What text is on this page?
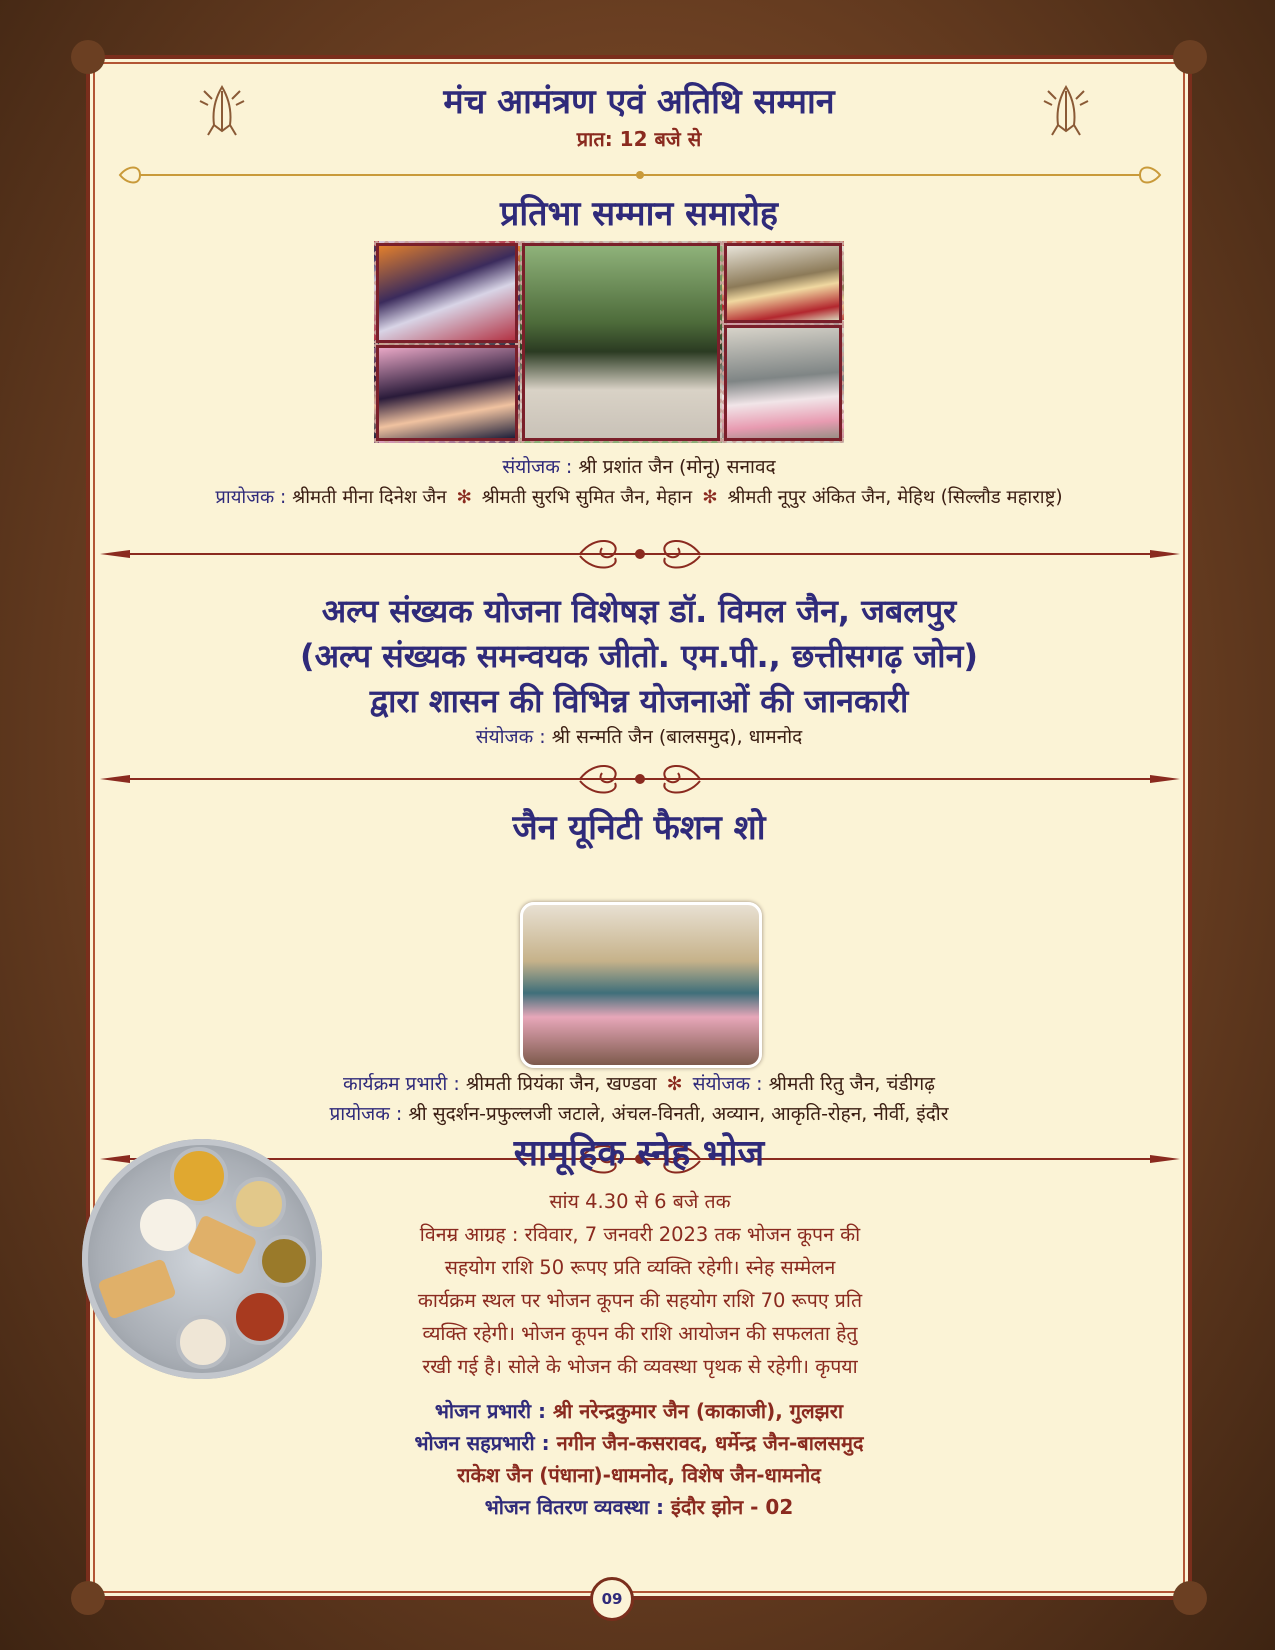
मंच आमंत्रण एवं अतिथि सम्मान
प्रात: 12 बजे से
प्रतिभा सम्मान समारोह
संयोजक : श्री प्रशांत जैन (मोनू) सनावद
प्रायोजक : श्रीमती मीना दिनेश जैन ✻ श्रीमती सुरभि सुमित जैन, मेहान ✻ श्रीमती नूपुर अंकित जैन, मेहिथ (सिल्लौड महाराष्ट्र)
अल्प संख्यक योजना विशेषज्ञ डॉ. विमल जैन, जबलपुर
(अल्प संख्यक समन्वयक जीतो. एम.पी., छत्तीसगढ़ जोन)
द्वारा शासन की विभिन्न योजनाओं की जानकारी
संयोजक : श्री सन्मति जैन (बालसमुद), धामनोद
जैन यूनिटी फैशन शो
कार्यक्रम प्रभारी : श्रीमती प्रियंका जैन, खण्डवा ✻ संयोजक : श्रीमती रितु जैन, चंडीगढ़
प्रायोजक : श्री सुदर्शन-प्रफुल्लजी जटाले, अंचल-विनती, अव्यान, आकृति-रोहन, नीर्वी, इंदौर
सामूहिक स्नेह भोज
सांय 4.30 से 6 बजे तक
विनम्र आग्रह : रविवार, 7 जनवरी 2023 तक भोजन कूपन की
सहयोग राशि 50 रूपए प्रति व्यक्ति रहेगी। स्नेह सम्मेलन
कार्यक्रम स्थल पर भोजन कूपन की सहयोग राशि 70 रूपए प्रति
व्यक्ति रहेगी। भोजन कूपन की राशि आयोजन की सफलता हेतु
रखी गई है। सोले के भोजन की व्यवस्था पृथक से रहेगी। कृपया
भोजन प्रभारी : श्री नरेन्द्रकुमार जैन (काकाजी), गुलझरा
भोजन सहप्रभारी : नगीन जैन-कसरावद, धर्मेन्द्र जैन-बालसमुद
राकेश जैन (पंधाना)-धामनोद, विशेष जैन-धामनोद
भोजन वितरण व्यवस्था : इंदौर झोन - 02
09
